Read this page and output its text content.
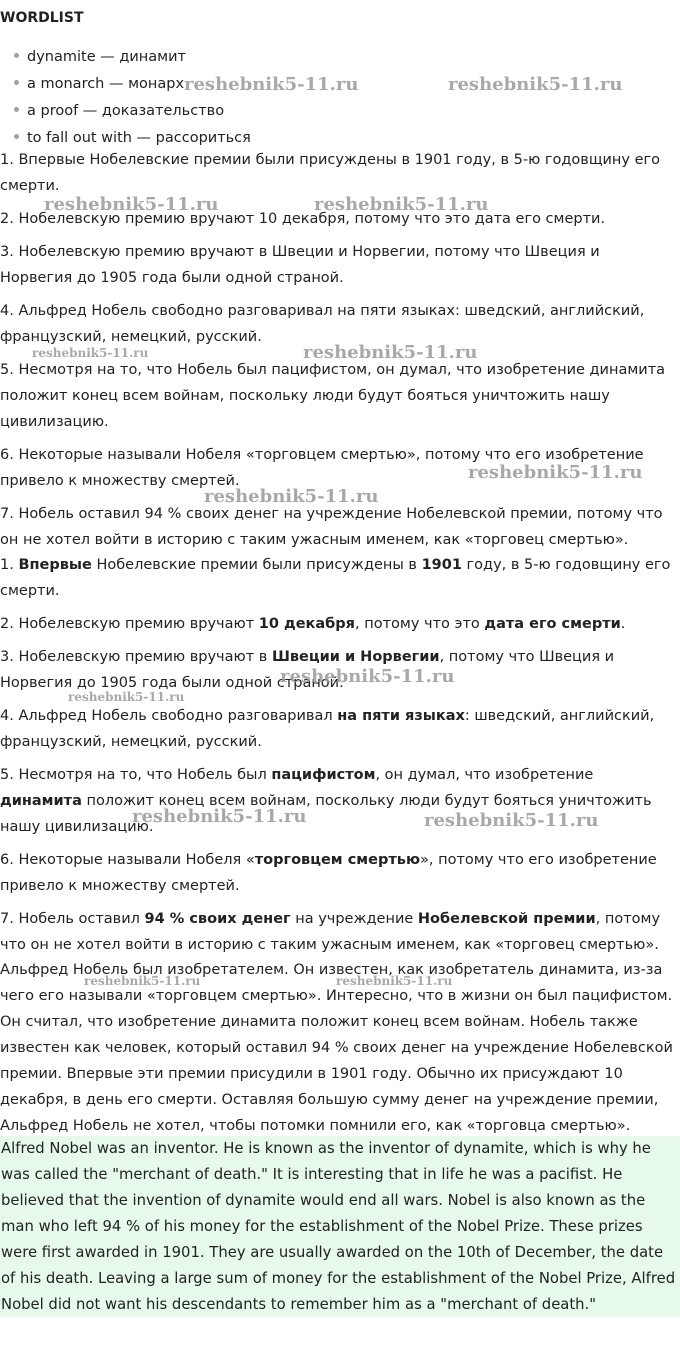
WORDLIST
dynamite — динамит
a monarch — монарх
a proof — доказательство
to fall out with — рассориться

1. Впервые Нобелевские премии были присуждены в 1901 году, в 5-ю годовщину его смерти.

2. Нобелевскую премию вручают 10 декабря, потому что это дата его смерти.

3. Нобелевскую премию вручают в Швеции и Норвегии, потому что Швеция и Норвегия до 1905 года были одной страной.

4. Альфред Нобель свободно разговаривал на пяти языках: шведский, английский, французский, немецкий, русский.

5. Несмотря на то, что Нобель был пацифистом, он думал, что изобретение динамита положит конец всем войнам, поскольку люди будут бояться уничтожить нашу цивилизацию.

6. Некоторые называли Нобеля «торговцем смертью», потому что его изобретение привело к множеству смертей.

7. Нобель оставил 94 % своих денег на учреждение Нобелевской премии, потому что он не хотел войти в историю с таким ужасным именем, как «торговец смертью».

1. Впервые Нобелевские премии были присуждены в 1901 году, в 5-ю годовщину его смерти.

2. Нобелевскую премию вручают 10 декабря, потому что это дата его смерти.

3. Нобелевскую премию вручают в Швеции и Норвегии, потому что Швеция и Норвегия до 1905 года были одной страной.

4. Альфред Нобель свободно разговаривал на пяти языках: шведский, английский, французский, немецкий, русский.

5. Несмотря на то, что Нобель был пацифистом, он думал, что изобретение динамита положит конец всем войнам, поскольку люди будут бояться уничтожить нашу цивилизацию.

6. Некоторые называли Нобеля «торговцем смертью», потому что его изобретение привело к множеству смертей.

7. Нобель оставил 94 % своих денег на учреждение Нобелевской премии, потому что он не хотел войти в историю с таким ужасным именем, как «торговец смертью».

Альфред Нобель был изобретателем. Он известен, как изобретатель динамита, из-за чего его называли «торговцем смертью». Интересно, что в жизни он был пацифистом. Он считал, что изобретение динамита положит конец всем войнам. Нобель также известен как человек, который оставил 94 % своих денег на учреждение Нобелевской премии. Впервые эти премии присудили в 1901 году. Обычно их присуждают 10 декабря, в день его смерти. Оставляя большую сумму денег на учреждение премии, Альфред Нобель не хотел, чтобы потомки помнили его, как «торговца смертью».

Alfred Nobel was an inventor. He is known as the inventor of dynamite, which is why he was called the "merchant of death." It is interesting that in life he was a pacifist. He believed that the invention of dynamite would end all wars. Nobel is also known as the man who left 94 % of his money for the establishment of the Nobel Prize. These prizes were first awarded in 1901. They are usually awarded on the 10th of December, the date of his death. Leaving a large sum of money for the establishment of the Nobel Prize, Alfred Nobel did not want his descendants to remember him as a "merchant of death."

reshebnik5-11.ru	reshebnik5-11.ru
reshebnik5-11.ru	reshebnik5-11.ru
reshebnik5-11.ru	reshebnik5-11.ru
reshebnik5-11.ru
reshebnik5-11.ru
reshebnik5-11.ru
reshebnik5-11.ru
reshebnik5-11.ru	reshebnik5-11.ru
reshebnik5-11.ru	reshebnik5-11.ru
